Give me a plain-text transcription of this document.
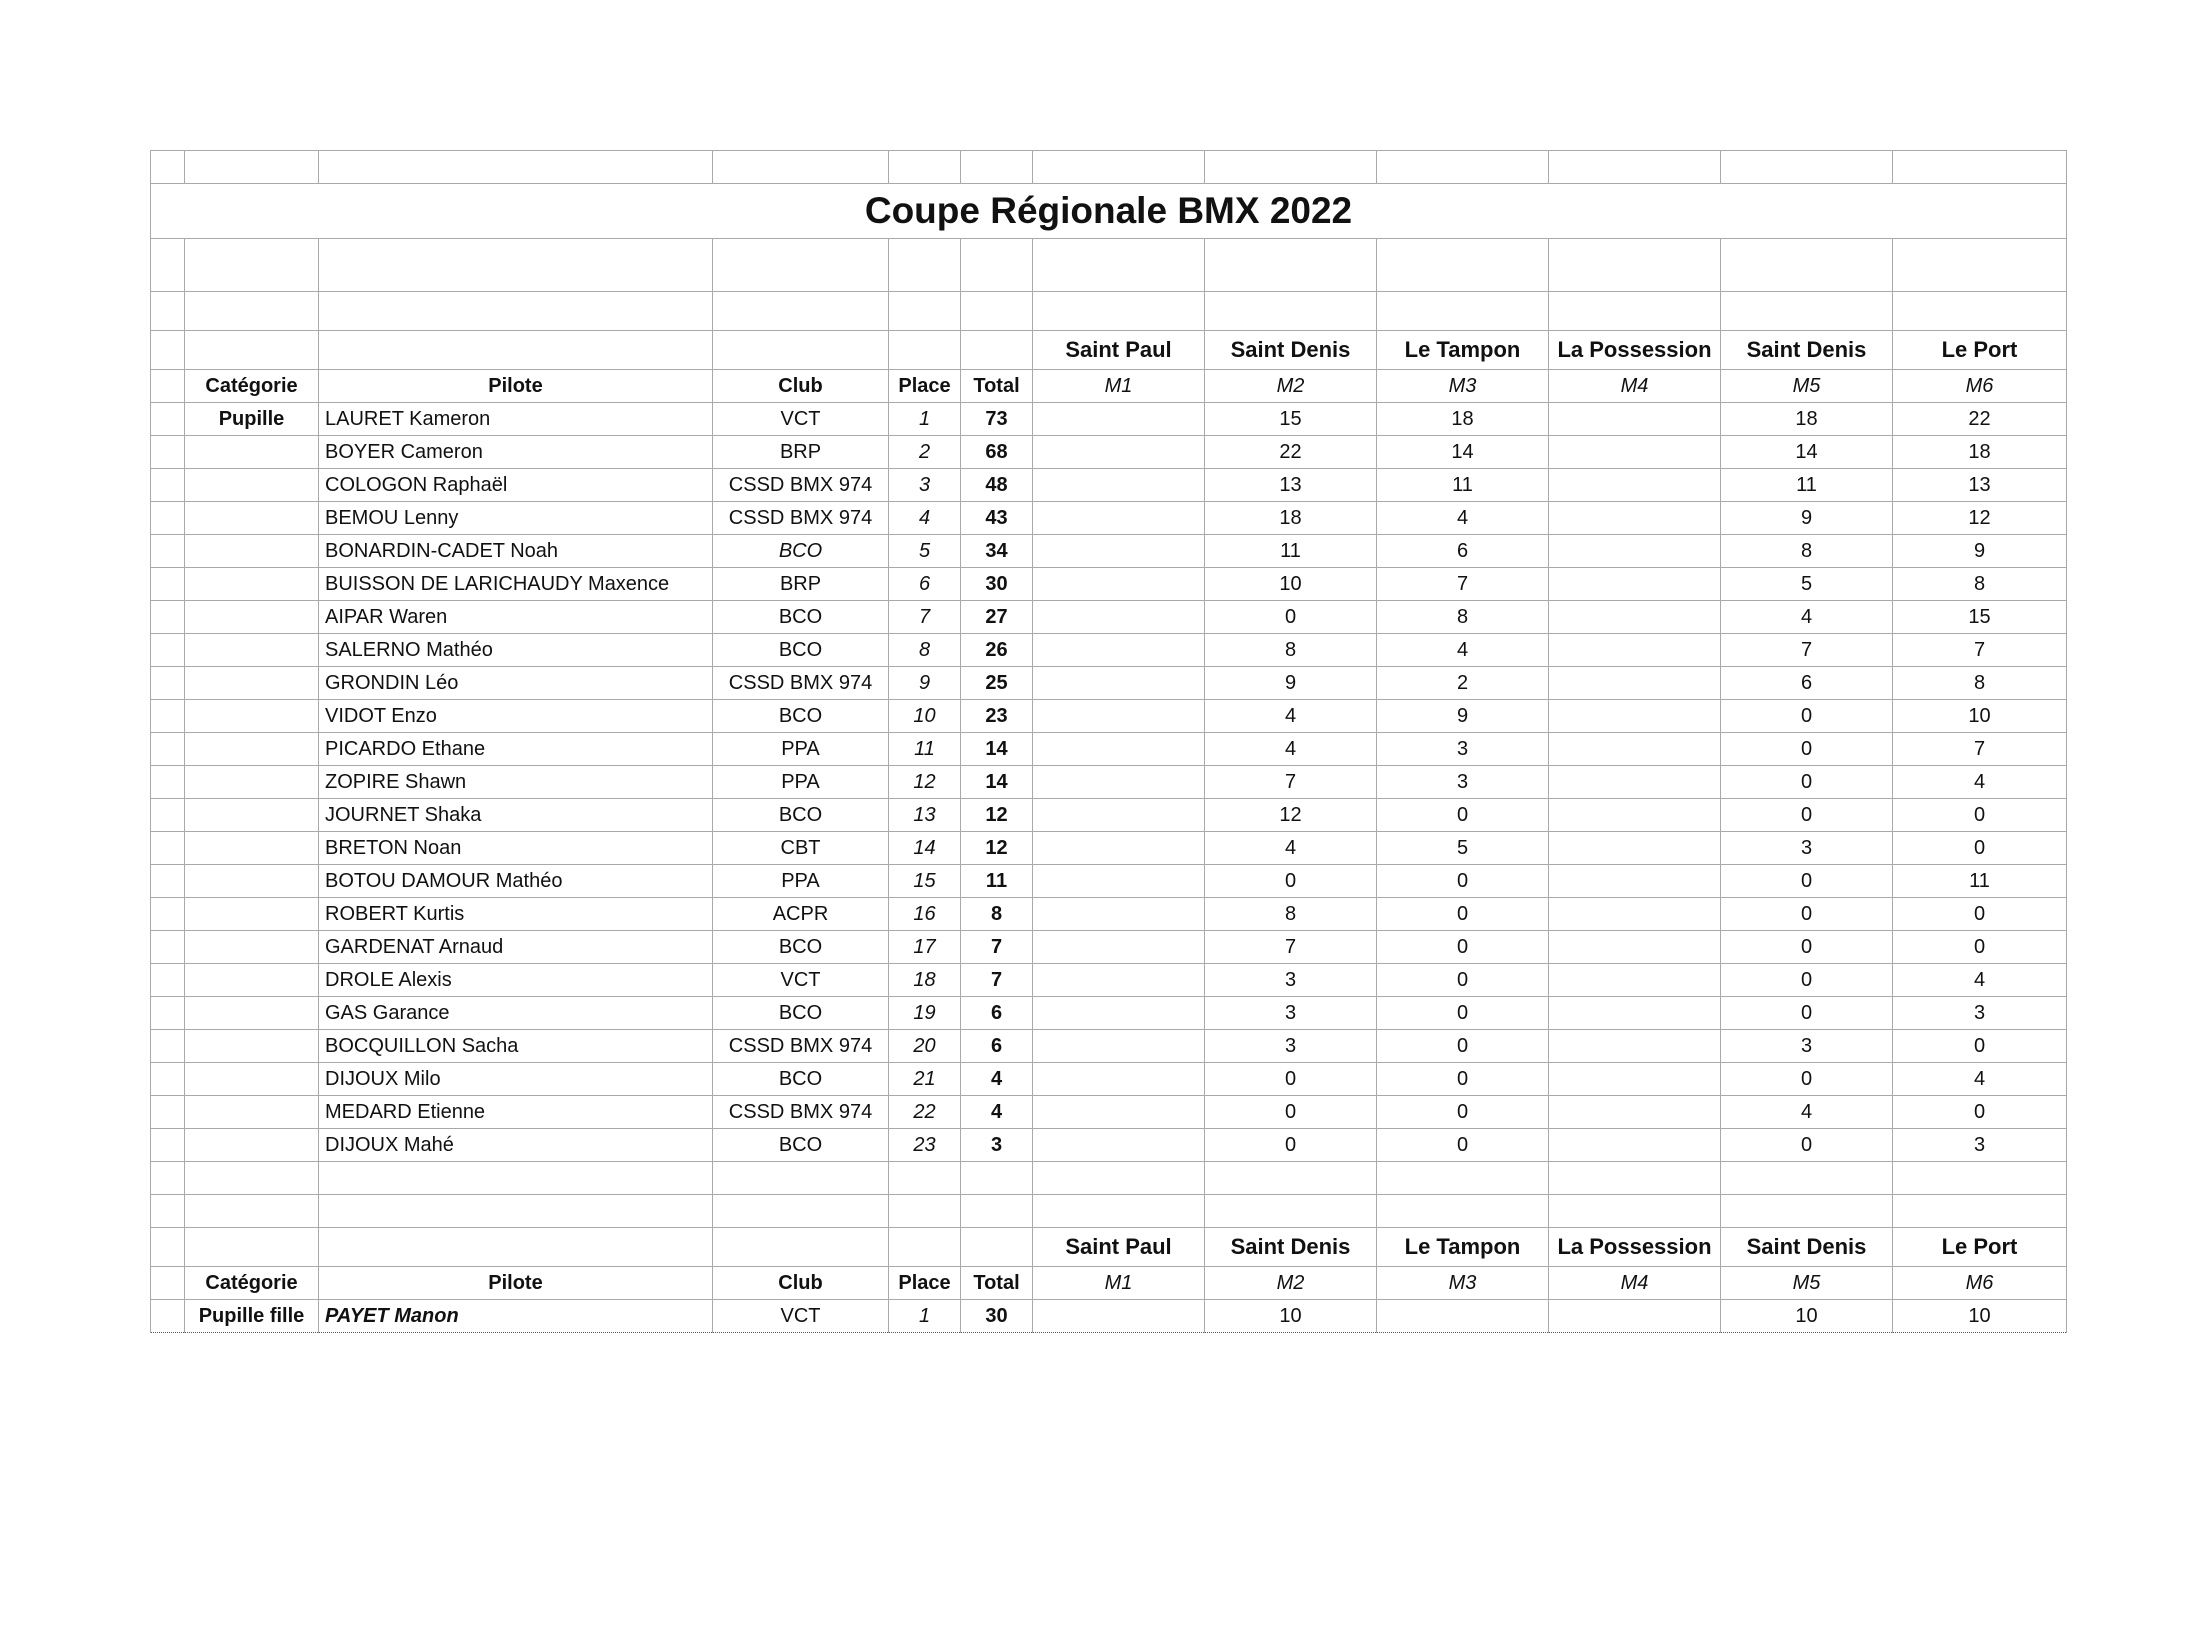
Coupe Régionale BMX 2022											

						Saint Paul	Saint Denis	Le Tampon	La Possession	Saint Denis	Le Port
	Catégorie	Pilote	Club	Place	Total	M1	M2	M3	M4	M5	M6
	Pupille	LAURET Kameron	VCT	1	73		15	18		18	22
		BOYER Cameron	BRP	2	68		22	14		14	18
		COLOGON Raphaël	CSSD BMX 974	3	48		13	11		11	13
		BEMOU Lenny	CSSD BMX 974	4	43		18	4		9	12
		BONARDIN-CADET Noah	BCO	5	34		11	6		8	9
		BUISSON DE LARICHAUDY Maxence	BRP	6	30		10	7		5	8
		AIPAR Waren	BCO	7	27		0	8		4	15
		SALERNO Mathéo	BCO	8	26		8	4		7	7
		GRONDIN Léo	CSSD BMX 974	9	25		9	2		6	8
		VIDOT Enzo	BCO	10	23		4	9		0	10
		PICARDO Ethane	PPA	11	14		4	3		0	7
		ZOPIRE Shawn	PPA	12	14		7	3		0	4
		JOURNET Shaka	BCO	13	12		12	0		0	0
		BRETON Noan	CBT	14	12		4	5		3	0
		BOTOU DAMOUR Mathéo	PPA	15	11		0	0		0	11
		ROBERT Kurtis	ACPR	16	8		8	0		0	0
		GARDENAT Arnaud	BCO	17	7		7	0		0	0
		DROLE Alexis	VCT	18	7		3	0		0	4
		GAS Garance	BCO	19	6		3	0		0	3
		BOCQUILLON Sacha	CSSD BMX 974	20	6		3	0		3	0
		DIJOUX Milo	BCO	21	4		0	0		0	4
		MEDARD Etienne	CSSD BMX 974	22	4		0	0		4	0
		DIJOUX Mahé	BCO	23	3		0	0		0	3

						Saint Paul	Saint Denis	Le Tampon	La Possession	Saint Denis	Le Port
	Catégorie	Pilote	Club	Place	Total	M1	M2	M3	M4	M5	M6
	Pupille fille	PAYET Manon	VCT	1	30		10			10	10
